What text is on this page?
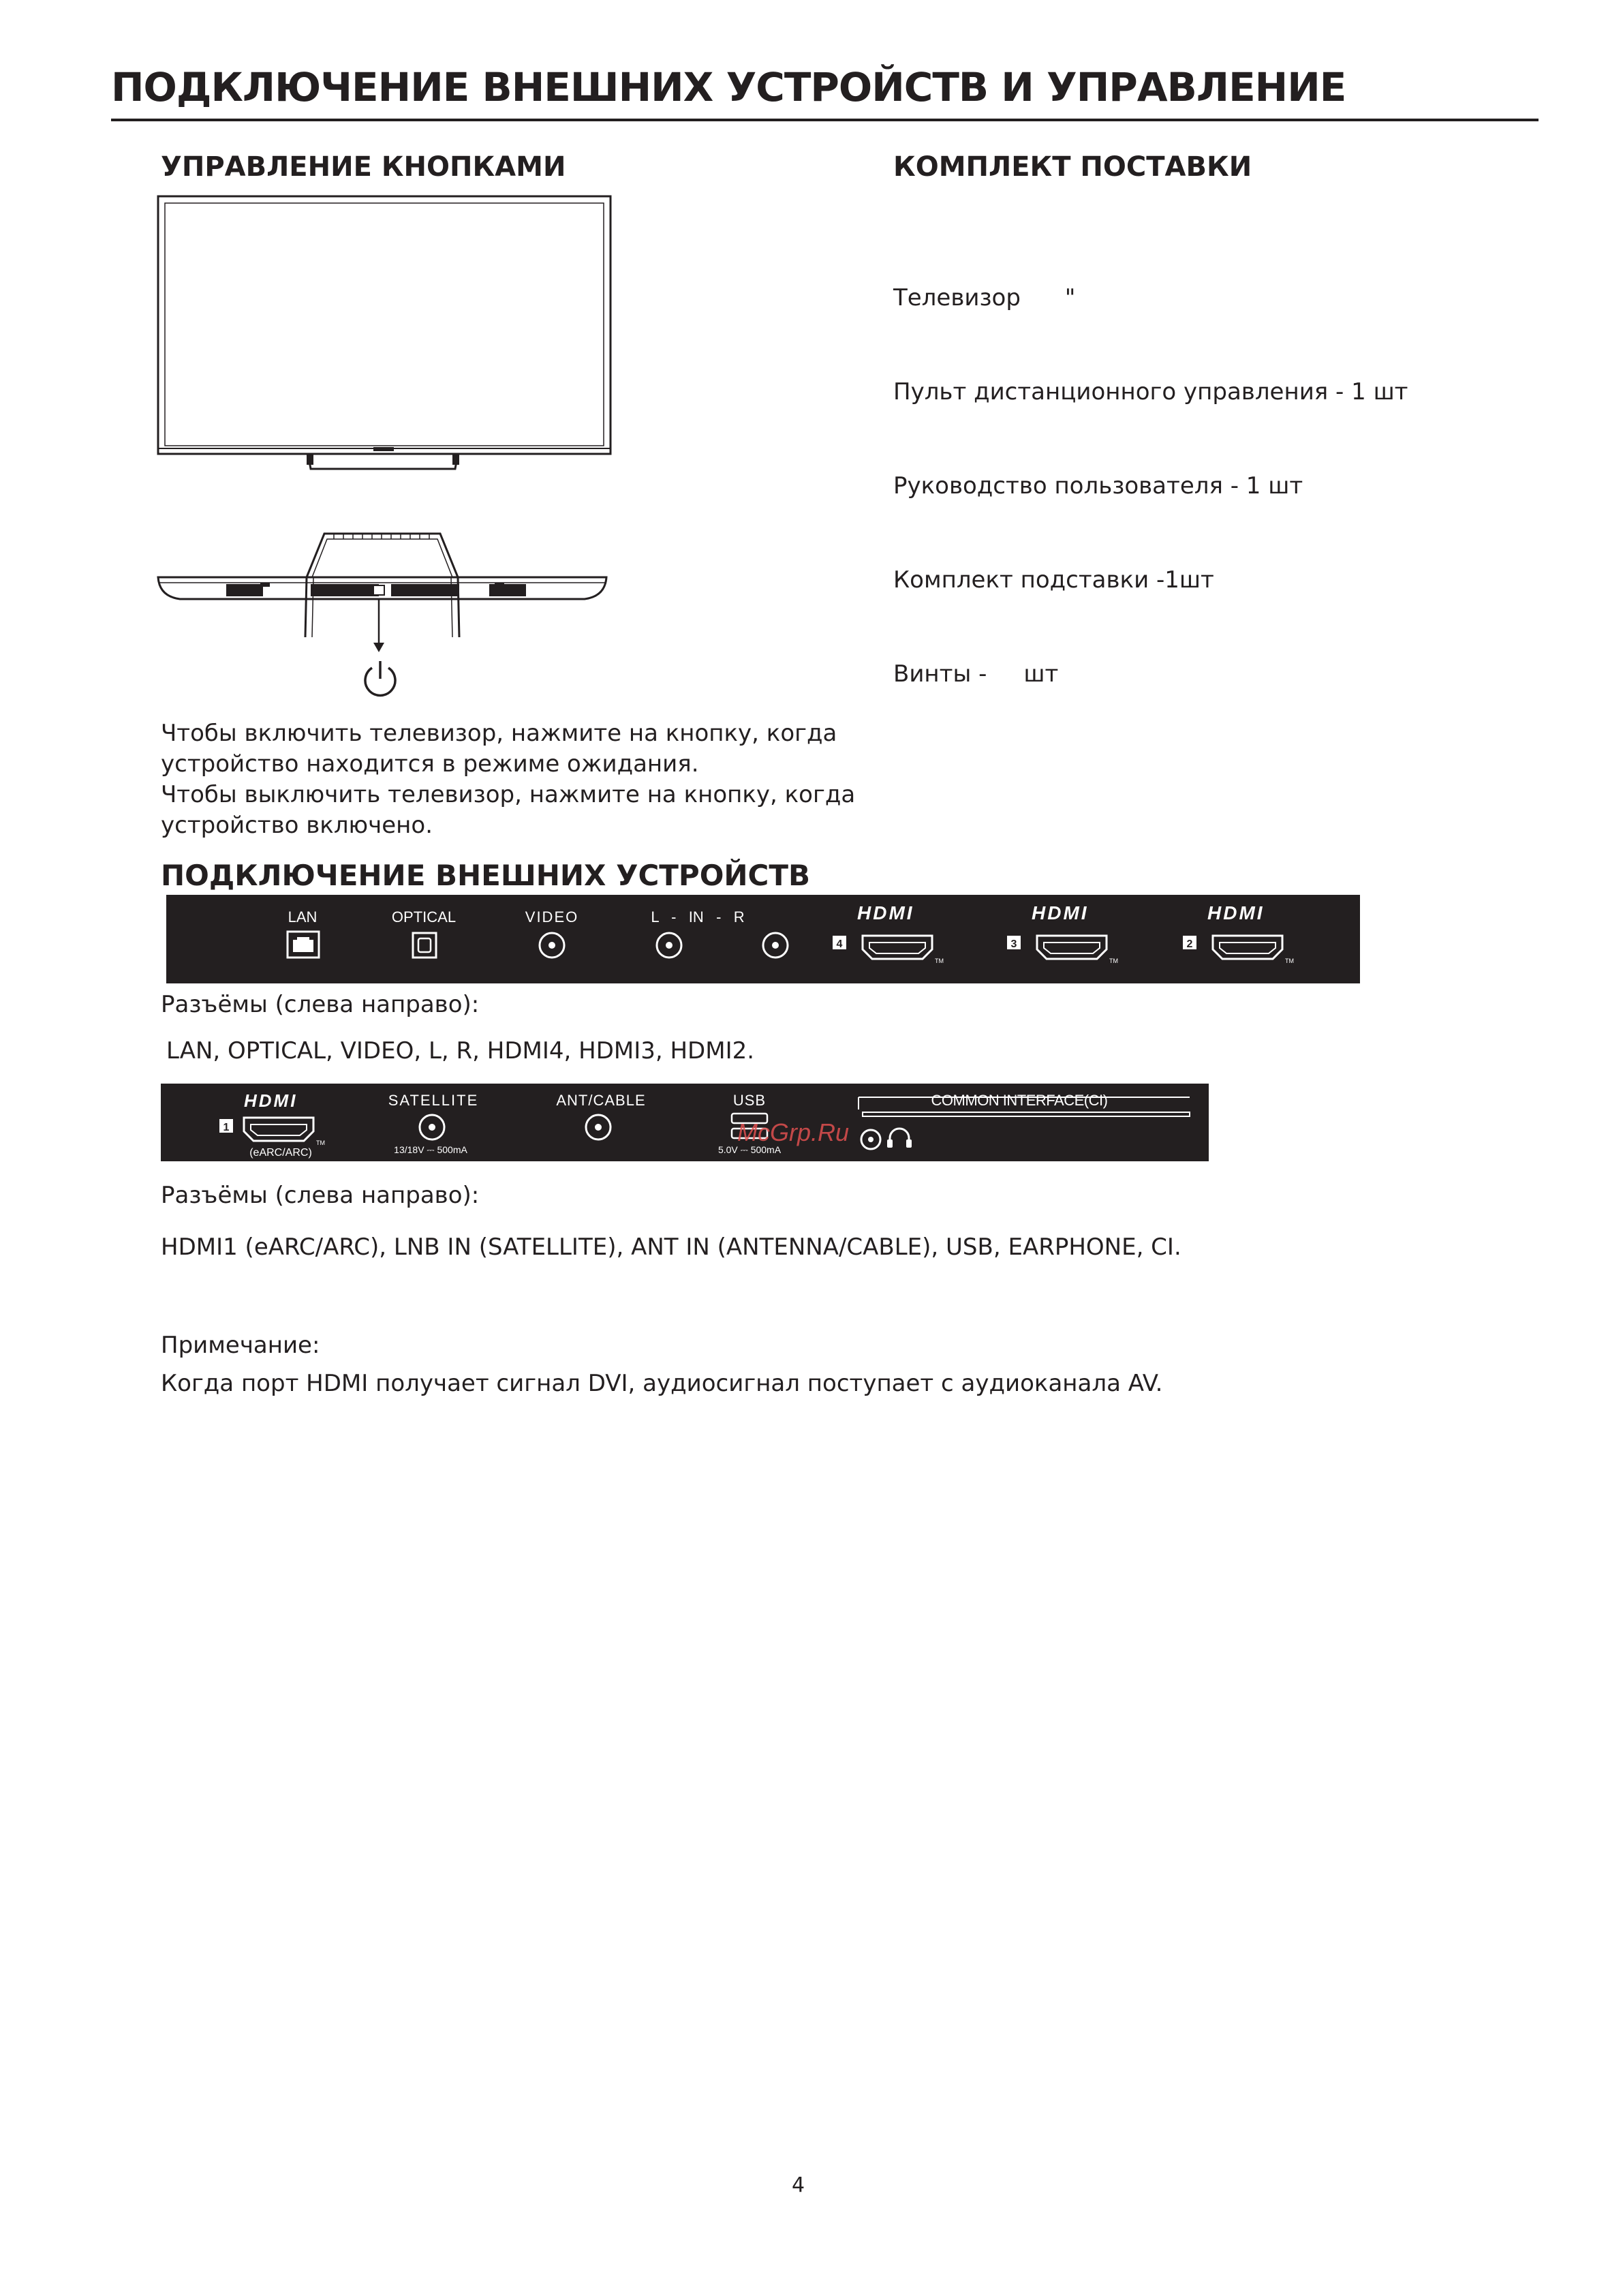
ПОДКЛЮЧЕНИЕ ВНЕШНИХ УСТРОЙСТВ И УПРАВЛЕНИЕ
УПРАВЛЕНИЕ КНОПКАМИ
Чтобы включить телевизор, нажмите на кнопку, когда
устройство находится в режиме ожидания.
Чтобы выключить телевизор, нажмите на кнопку, когда
устройство включено.
КОМПЛЕКТ ПОСТАВКИ

Телевизор      "

Пульт дистанционного управления - 1 шт

Руководство пользователя - 1 шт

Комплект подставки -1шт

Винты -     шт

ПОДКЛЮЧЕНИЕ ВНЕШНИХ УСТРОЙСТВ
LAN	OPTICAL	VIDEO	L   -   IN   -   R	HDMI
4
TM
HDMI
3
TM
HDMI
2
TM
Разъёмы (слева направо):
LAN, OPTICAL, VIDEO, L, R, HDMI4, HDMI3, HDMI2.
HDMI
1
TM
(eARC/ARC)
SATELLITE
13/18V ⎓ 500mA
ANT/CABLE	USB
5.0V ⎓ 500mA
McGrp.Ru
COMMON INTERFACE(CI)
Разъёмы (слева направо):
HDMI1 (eARC/ARC), LNB IN (SATELLITE), ANT IN (ANTENNA/CABLE), USB, EARPHONE, CI.
Примечание:
Когда порт HDMI получает сигнал DVI, аудиосигнал поступает с аудиоканала AV.
4
